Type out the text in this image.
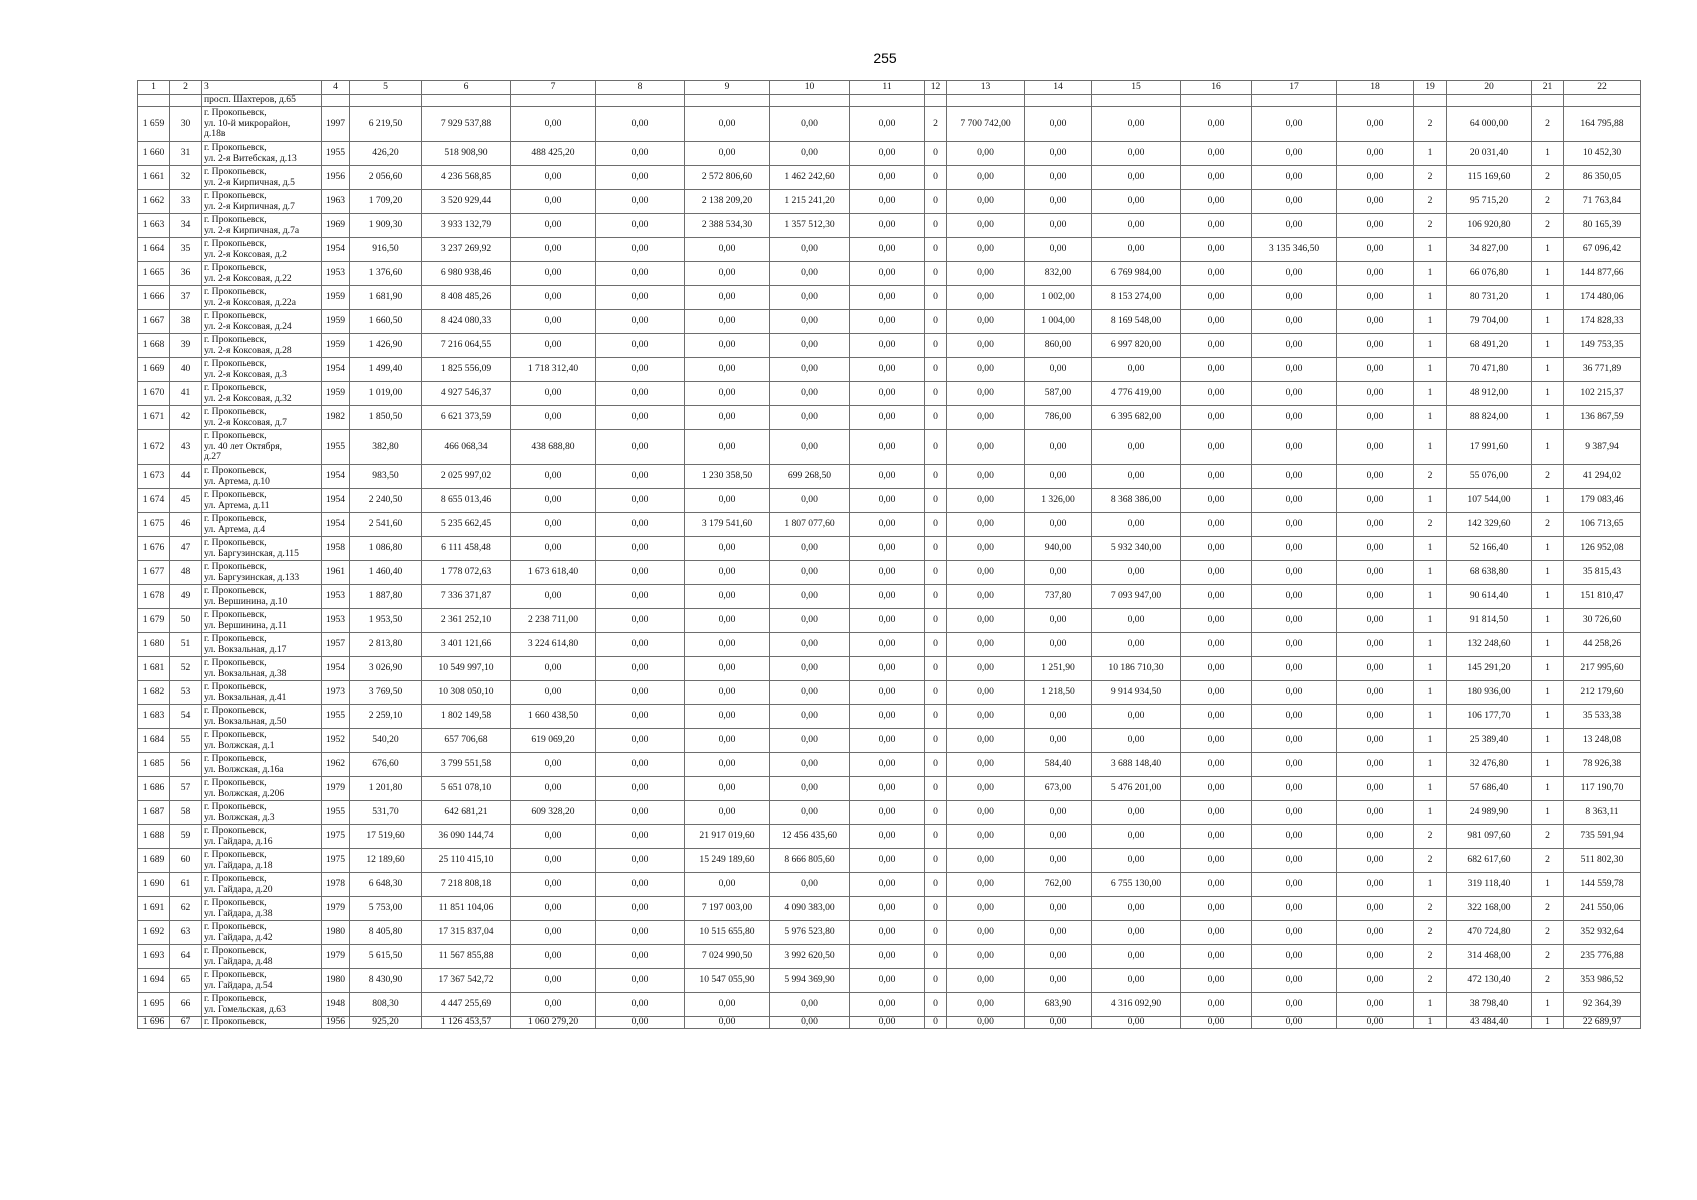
255
1	2	3	4	5	6	7	8	9	10	11	12	13	14	15	16	17	18	19	20	21	22
		просп. Шахтеров, д.65																			
1 659	30	г. Прокопьевск,
ул. 10-й микрорайон,
д.18в	1997	6 219,50	7 929 537,88	0,00	0,00	0,00	0,00	0,00	2	7 700 742,00	0,00	0,00	0,00	0,00	0,00	2	64 000,00	2	164 795,88
1 660	31	г. Прокопьевск,
ул. 2-я Витебская, д.13	1955	426,20	518 908,90	488 425,20	0,00	0,00	0,00	0,00	0	0,00	0,00	0,00	0,00	0,00	0,00	1	20 031,40	1	10 452,30
1 661	32	г. Прокопьевск,
ул. 2-я Кирпичная, д.5	1956	2 056,60	4 236 568,85	0,00	0,00	2 572 806,60	1 462 242,60	0,00	0	0,00	0,00	0,00	0,00	0,00	0,00	2	115 169,60	2	86 350,05
1 662	33	г. Прокопьевск,
ул. 2-я Кирпичная, д.7	1963	1 709,20	3 520 929,44	0,00	0,00	2 138 209,20	1 215 241,20	0,00	0	0,00	0,00	0,00	0,00	0,00	0,00	2	95 715,20	2	71 763,84
1 663	34	г. Прокопьевск,
ул. 2-я Кирпичная, д.7а	1969	1 909,30	3 933 132,79	0,00	0,00	2 388 534,30	1 357 512,30	0,00	0	0,00	0,00	0,00	0,00	0,00	0,00	2	106 920,80	2	80 165,39
1 664	35	г. Прокопьевск,
ул. 2-я Коксовая, д.2	1954	916,50	3 237 269,92	0,00	0,00	0,00	0,00	0,00	0	0,00	0,00	0,00	0,00	3 135 346,50	0,00	1	34 827,00	1	67 096,42
1 665	36	г. Прокопьевск,
ул. 2-я Коксовая, д.22	1953	1 376,60	6 980 938,46	0,00	0,00	0,00	0,00	0,00	0	0,00	832,00	6 769 984,00	0,00	0,00	0,00	1	66 076,80	1	144 877,66
1 666	37	г. Прокопьевск,
ул. 2-я Коксовая, д.22а	1959	1 681,90	8 408 485,26	0,00	0,00	0,00	0,00	0,00	0	0,00	1 002,00	8 153 274,00	0,00	0,00	0,00	1	80 731,20	1	174 480,06
1 667	38	г. Прокопьевск,
ул. 2-я Коксовая, д.24	1959	1 660,50	8 424 080,33	0,00	0,00	0,00	0,00	0,00	0	0,00	1 004,00	8 169 548,00	0,00	0,00	0,00	1	79 704,00	1	174 828,33
1 668	39	г. Прокопьевск,
ул. 2-я Коксовая, д.28	1959	1 426,90	7 216 064,55	0,00	0,00	0,00	0,00	0,00	0	0,00	860,00	6 997 820,00	0,00	0,00	0,00	1	68 491,20	1	149 753,35
1 669	40	г. Прокопьевск,
ул. 2-я Коксовая, д.3	1954	1 499,40	1 825 556,09	1 718 312,40	0,00	0,00	0,00	0,00	0	0,00	0,00	0,00	0,00	0,00	0,00	1	70 471,80	1	36 771,89
1 670	41	г. Прокопьевск,
ул. 2-я Коксовая, д.32	1959	1 019,00	4 927 546,37	0,00	0,00	0,00	0,00	0,00	0	0,00	587,00	4 776 419,00	0,00	0,00	0,00	1	48 912,00	1	102 215,37
1 671	42	г. Прокопьевск,
ул. 2-я Коксовая, д.7	1982	1 850,50	6 621 373,59	0,00	0,00	0,00	0,00	0,00	0	0,00	786,00	6 395 682,00	0,00	0,00	0,00	1	88 824,00	1	136 867,59
1 672	43	г. Прокопьевск,
ул. 40 лет Октября,
д.27	1955	382,80	466 068,34	438 688,80	0,00	0,00	0,00	0,00	0	0,00	0,00	0,00	0,00	0,00	0,00	1	17 991,60	1	9 387,94
1 673	44	г. Прокопьевск,
ул. Артема, д.10	1954	983,50	2 025 997,02	0,00	0,00	1 230 358,50	699 268,50	0,00	0	0,00	0,00	0,00	0,00	0,00	0,00	2	55 076,00	2	41 294,02
1 674	45	г. Прокопьевск,
ул. Артема, д.11	1954	2 240,50	8 655 013,46	0,00	0,00	0,00	0,00	0,00	0	0,00	1 326,00	8 368 386,00	0,00	0,00	0,00	1	107 544,00	1	179 083,46
1 675	46	г. Прокопьевск,
ул. Артема, д.4	1954	2 541,60	5 235 662,45	0,00	0,00	3 179 541,60	1 807 077,60	0,00	0	0,00	0,00	0,00	0,00	0,00	0,00	2	142 329,60	2	106 713,65
1 676	47	г. Прокопьевск,
ул. Баргузинская, д.115	1958	1 086,80	6 111 458,48	0,00	0,00	0,00	0,00	0,00	0	0,00	940,00	5 932 340,00	0,00	0,00	0,00	1	52 166,40	1	126 952,08
1 677	48	г. Прокопьевск,
ул. Баргузинская, д.133	1961	1 460,40	1 778 072,63	1 673 618,40	0,00	0,00	0,00	0,00	0	0,00	0,00	0,00	0,00	0,00	0,00	1	68 638,80	1	35 815,43
1 678	49	г. Прокопьевск,
ул. Вершинина, д.10	1953	1 887,80	7 336 371,87	0,00	0,00	0,00	0,00	0,00	0	0,00	737,80	7 093 947,00	0,00	0,00	0,00	1	90 614,40	1	151 810,47
1 679	50	г. Прокопьевск,
ул. Вершинина, д.11	1953	1 953,50	2 361 252,10	2 238 711,00	0,00	0,00	0,00	0,00	0	0,00	0,00	0,00	0,00	0,00	0,00	1	91 814,50	1	30 726,60
1 680	51	г. Прокопьевск,
ул. Вокзальная, д.17	1957	2 813,80	3 401 121,66	3 224 614,80	0,00	0,00	0,00	0,00	0	0,00	0,00	0,00	0,00	0,00	0,00	1	132 248,60	1	44 258,26
1 681	52	г. Прокопьевск,
ул. Вокзальная, д.38	1954	3 026,90	10 549 997,10	0,00	0,00	0,00	0,00	0,00	0	0,00	1 251,90	10 186 710,30	0,00	0,00	0,00	1	145 291,20	1	217 995,60
1 682	53	г. Прокопьевск,
ул. Вокзальная, д.41	1973	3 769,50	10 308 050,10	0,00	0,00	0,00	0,00	0,00	0	0,00	1 218,50	9 914 934,50	0,00	0,00	0,00	1	180 936,00	1	212 179,60
1 683	54	г. Прокопьевск,
ул. Вокзальная, д.50	1955	2 259,10	1 802 149,58	1 660 438,50	0,00	0,00	0,00	0,00	0	0,00	0,00	0,00	0,00	0,00	0,00	1	106 177,70	1	35 533,38
1 684	55	г. Прокопьевск,
ул. Волжская, д.1	1952	540,20	657 706,68	619 069,20	0,00	0,00	0,00	0,00	0	0,00	0,00	0,00	0,00	0,00	0,00	1	25 389,40	1	13 248,08
1 685	56	г. Прокопьевск,
ул. Волжская, д.16а	1962	676,60	3 799 551,58	0,00	0,00	0,00	0,00	0,00	0	0,00	584,40	3 688 148,40	0,00	0,00	0,00	1	32 476,80	1	78 926,38
1 686	57	г. Прокопьевск,
ул. Волжская, д.206	1979	1 201,80	5 651 078,10	0,00	0,00	0,00	0,00	0,00	0	0,00	673,00	5 476 201,00	0,00	0,00	0,00	1	57 686,40	1	117 190,70
1 687	58	г. Прокопьевск,
ул. Волжская, д.3	1955	531,70	642 681,21	609 328,20	0,00	0,00	0,00	0,00	0	0,00	0,00	0,00	0,00	0,00	0,00	1	24 989,90	1	8 363,11
1 688	59	г. Прокопьевск,
ул. Гайдара, д.16	1975	17 519,60	36 090 144,74	0,00	0,00	21 917 019,60	12 456 435,60	0,00	0	0,00	0,00	0,00	0,00	0,00	0,00	2	981 097,60	2	735 591,94
1 689	60	г. Прокопьевск,
ул. Гайдара, д.18	1975	12 189,60	25 110 415,10	0,00	0,00	15 249 189,60	8 666 805,60	0,00	0	0,00	0,00	0,00	0,00	0,00	0,00	2	682 617,60	2	511 802,30
1 690	61	г. Прокопьевск,
ул. Гайдара, д.20	1978	6 648,30	7 218 808,18	0,00	0,00	0,00	0,00	0,00	0	0,00	762,00	6 755 130,00	0,00	0,00	0,00	1	319 118,40	1	144 559,78
1 691	62	г. Прокопьевск,
ул. Гайдара, д.38	1979	5 753,00	11 851 104,06	0,00	0,00	7 197 003,00	4 090 383,00	0,00	0	0,00	0,00	0,00	0,00	0,00	0,00	2	322 168,00	2	241 550,06
1 692	63	г. Прокопьевск,
ул. Гайдара, д.42	1980	8 405,80	17 315 837,04	0,00	0,00	10 515 655,80	5 976 523,80	0,00	0	0,00	0,00	0,00	0,00	0,00	0,00	2	470 724,80	2	352 932,64
1 693	64	г. Прокопьевск,
ул. Гайдара, д.48	1979	5 615,50	11 567 855,88	0,00	0,00	7 024 990,50	3 992 620,50	0,00	0	0,00	0,00	0,00	0,00	0,00	0,00	2	314 468,00	2	235 776,88
1 694	65	г. Прокопьевск,
ул. Гайдара, д.54	1980	8 430,90	17 367 542,72	0,00	0,00	10 547 055,90	5 994 369,90	0,00	0	0,00	0,00	0,00	0,00	0,00	0,00	2	472 130,40	2	353 986,52
1 695	66	г. Прокопьевск,
ул. Гомельская, д.63	1948	808,30	4 447 255,69	0,00	0,00	0,00	0,00	0,00	0	0,00	683,90	4 316 092,90	0,00	0,00	0,00	1	38 798,40	1	92 364,39
1 696	67	г. Прокопьевск,	1956	925,20	1 126 453,57	1 060 279,20	0,00	0,00	0,00	0,00	0	0,00	0,00	0,00	0,00	0,00	0,00	1	43 484,40	1	22 689,97
